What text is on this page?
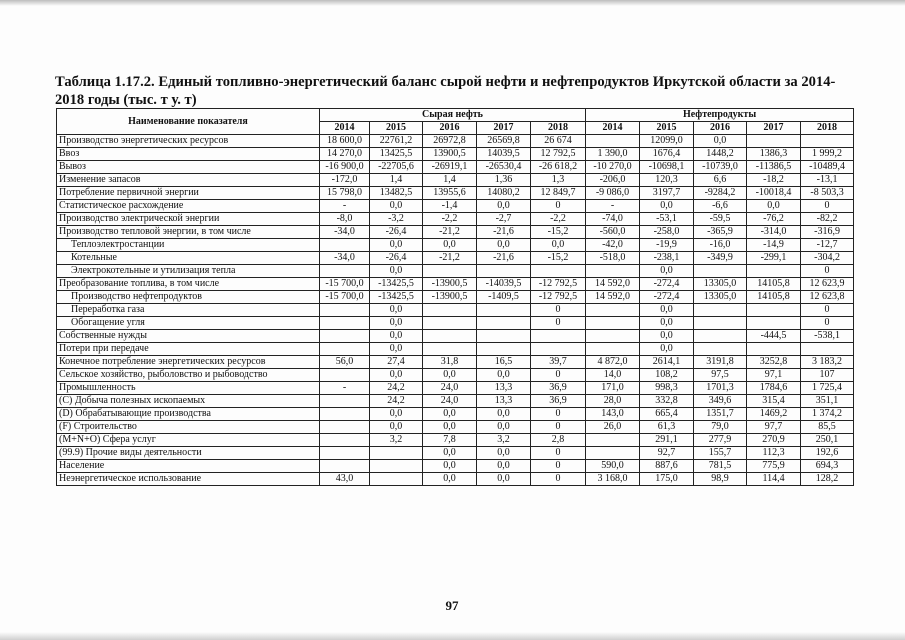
Таблица 1.17.2. Единый топливно-энергетический баланс сырой нефти и нефтепродуктов Иркутской области за 2014-2018 годы (тыс. т у. т)
Наименование показателя	Сырая нефть					Нефтепродукты				
	2014	2015	2016	2017	2018	2014	2015	2016	2017	2018
Производство энергетических ресурсов	18 600,0	22761,2	26972,8	26569,8	26 674		12099,0	0,0		
Ввоз	14 270,0	13425,5	13900,5	14039,5	12 792,5	1 390,0	1676,4	1448,2	1386,3	1 999,2
Вывоз	-16 900,0	-22705,6	-26919,1	-26530,4	-26 618,2	-10 270,0	-10698,1	-10739,0	-11386,5	-10489,4
Изменение запасов	-172,0	1,4	1,4	1,36	1,3	-206,0	120,3	6,6	-18,2	-13,1
Потребление первичной энергии	15 798,0	13482,5	13955,6	14080,2	12 849,7	-9 086,0	3197,7	-9284,2	-10018,4	-8 503,3
Статистическое расхождение	-	0,0	-1,4	0,0	0	-	0,0	-6,6	0,0	0
Производство электрической энергии	-8,0	-3,2	-2,2	-2,7	-2,2	-74,0	-53,1	-59,5	-76,2	-82,2
Производство тепловой энергии, в том числе	-34,0	-26,4	-21,2	-21,6	-15,2	-560,0	-258,0	-365,9	-314,0	-316,9
Теплоэлектростанции		0,0	0,0	0,0	0,0	-42,0	-19,9	-16,0	-14,9	-12,7
Котельные	-34,0	-26,4	-21,2	-21,6	-15,2	-518,0	-238,1	-349,9	-299,1	-304,2
Электрокотельные и утилизация тепла		0,0					0,0			0
Преобразование топлива, в том числе	-15 700,0	-13425,5	-13900,5	-14039,5	-12 792,5	14 592,0	-272,4	13305,0	14105,8	12 623,9
Производство нефтепродуктов	-15 700,0	-13425,5	-13900,5	-1409,5	-12 792,5	14 592,0	-272,4	13305,0	14105,8	12 623,8
Переработка газа		0,0			0		0,0			0
Обогащение угля		0,0			0		0,0			0
Собственные нужды		0,0					0,0		-444,5	-538,1
Потери при передаче		0,0					0,0			
Конечное потребление энергетических ресурсов	56,0	27,4	31,8	16,5	39,7	4 872,0	2614,1	3191,8	3252,8	3 183,2
Сельское хозяйство, рыболовство и рыбоводство		0,0	0,0	0,0	0	14,0	108,2	97,5	97,1	107
Промышленность	-	24,2	24,0	13,3	36,9	171,0	998,3	1701,3	1784,6	1 725,4
(С) Добыча полезных ископаемых		24,2	24,0	13,3	36,9	28,0	332,8	349,6	315,4	351,1
(D) Обрабатывающие производства		0,0	0,0	0,0	0	143,0	665,4	1351,7	1469,2	1 374,2
(F) Строительство		0,0	0,0	0,0	0	26,0	61,3	79,0	97,7	85,5
(М+N+O) Сфера услуг		3,2	7,8	3,2	2,8		291,1	277,9	270,9	250,1
(99.9) Прочие виды деятельности			0,0	0,0	0		92,7	155,7	112,3	192,6
Население			0,0	0,0	0	590,0	887,6	781,5	775,9	694,3
Неэнергетическое использование	43,0		0,0	0,0	0	3 168,0	175,0	98,9	114,4	128,2
97
